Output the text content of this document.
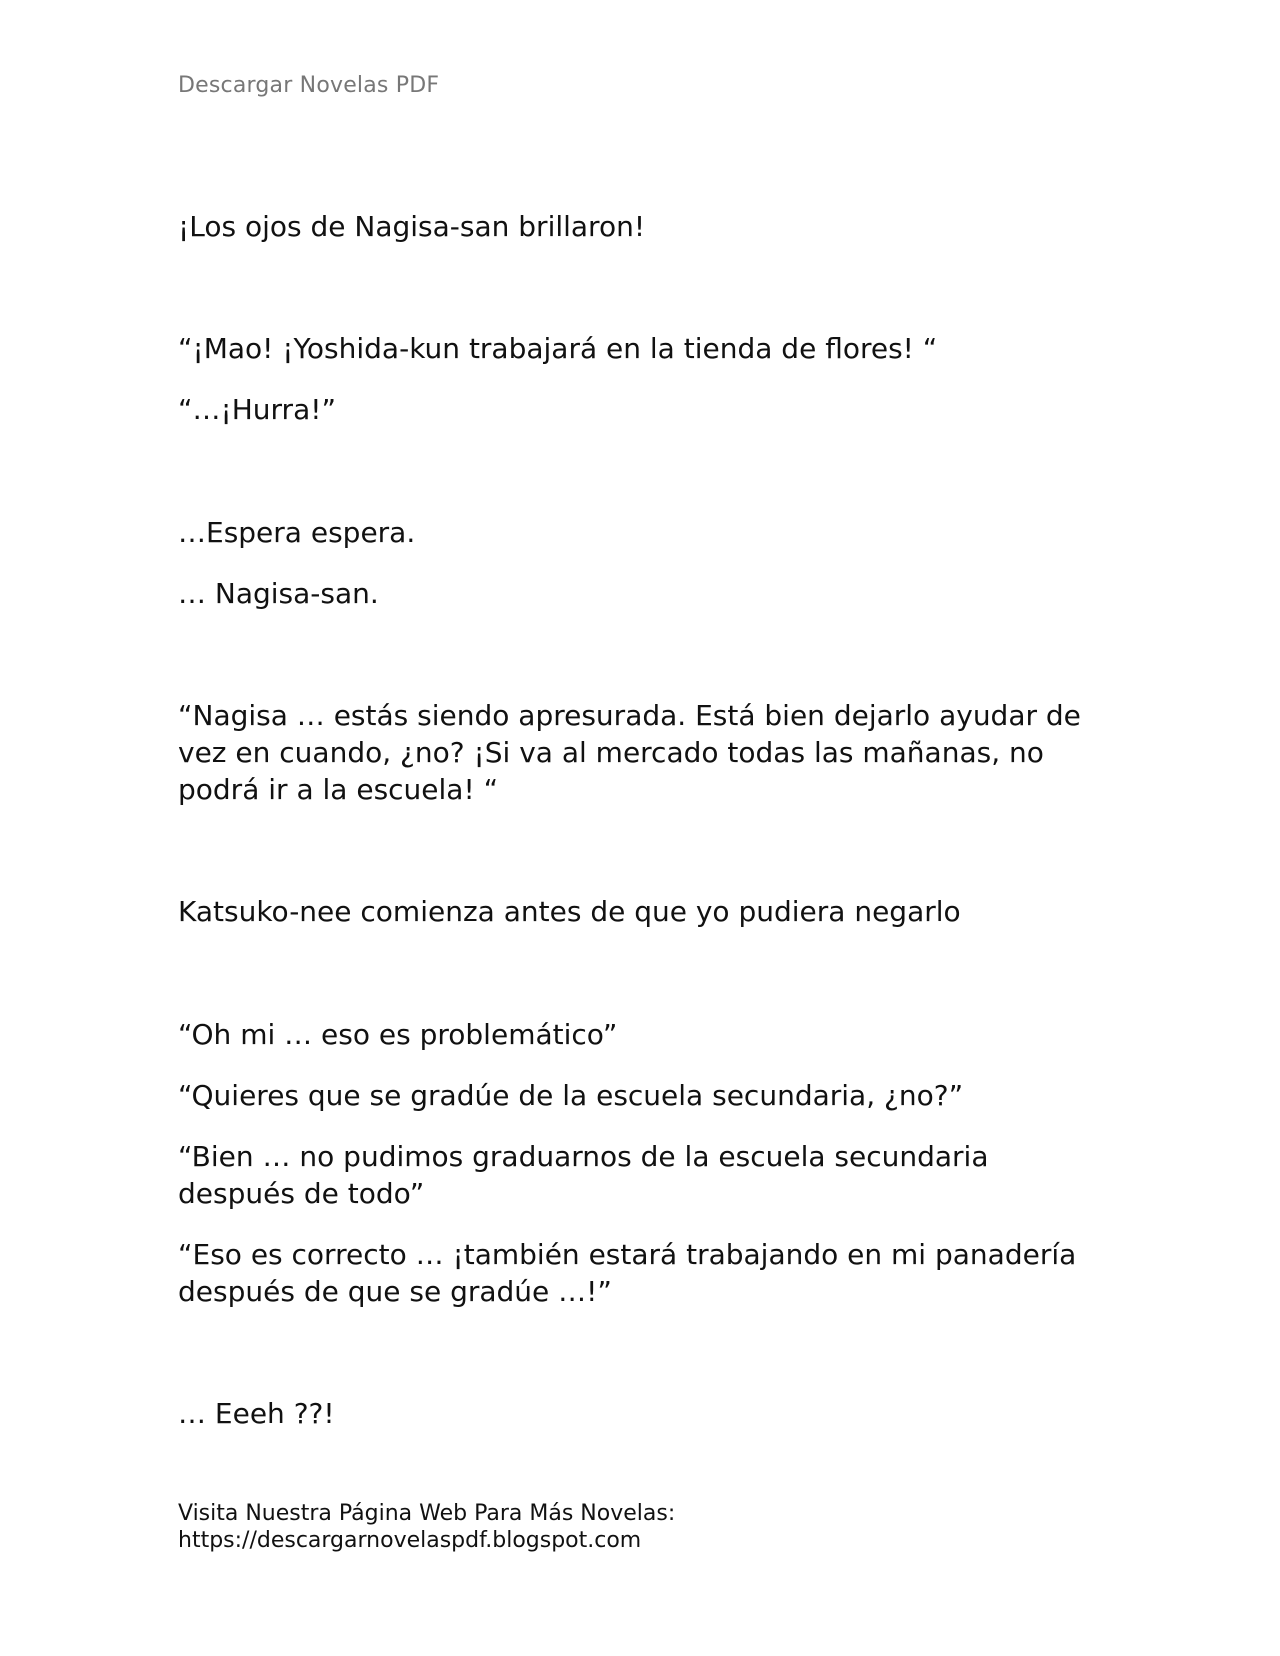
Descargar Novelas PDF

¡Los ojos de Nagisa-san brillaron!

“¡Mao! ¡Yoshida-kun trabajará en la tienda de flores! “

“…¡Hurra!”

…Espera espera.

… Nagisa-san.

“Nagisa … estás siendo apresurada. Está bien dejarlo ayudar de vez en cuando, ¿no? ¡Si va al mercado todas las mañanas, no podrá ir a la escuela! “

Katsuko-nee comienza antes de que yo pudiera negarlo

“Oh mi … eso es problemático”

“Quieres que se gradúe de la escuela secundaria, ¿no?”

“Bien … no pudimos graduarnos de la escuela secundaria después de todo”

“Eso es correcto … ¡también estará trabajando en mi panadería después de que se gradúe …!”

… Eeeh ??!

Visita Nuestra Página Web Para Más Novelas:
https://descargarnovelaspdf.blogspot.com
